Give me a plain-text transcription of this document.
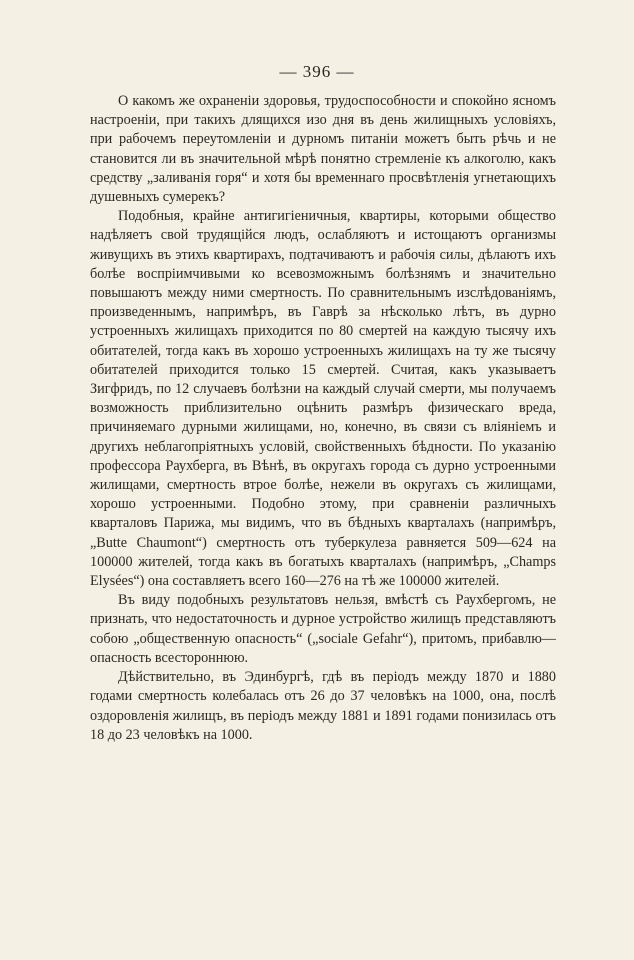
— 396 —

О какомъ же охраненіи здоровья, трудоспособности и спокойно ясномъ настроеніи, при такихъ длящихся изо дня въ день жилищныхъ условіяхъ, при рабочемъ переутомленіи и дурномъ питаніи можетъ быть рѣчь и не становится ли въ значительной мѣрѣ понятно стремленіе къ алкоголю, какъ средству „заливанія горя“ и хотя бы временнаго просвѣтленія угнетающихъ душевныхъ сумерекъ?

Подобныя, крайне антигигіеничныя, квартиры, которыми общество надѣляетъ свой трудящійся людъ, ослабляютъ и истощаютъ организмы живущихъ въ этихъ квартирахъ, подтачиваютъ и рабочія силы, дѣлаютъ ихъ болѣе воспріимчивыми ко всевозможнымъ болѣзнямъ и значительно повышаютъ между ними смертность. По сравнительнымъ изслѣдованіямъ, произведеннымъ, напримѣръ, въ Гаврѣ за нѣсколько лѣтъ, въ дурно устроенныхъ жилищахъ приходится по 80 смертей на каждую тысячу ихъ обитателей, тогда какъ въ хорошо устроенныхъ жилищахъ на ту же тысячу обитателей приходится только 15 смертей. Считая, какъ указываетъ Зигфридъ, по 12 случаевъ болѣзни на каждый случай смерти, мы получаемъ возможность приблизительно оцѣнить размѣръ физическаго вреда, причиняемаго дурными жилищами, но, конечно, въ связи съ вліяніемъ и другихъ неблагопріятныхъ условій, свойственныхъ бѣдности. По указанію профессора Раухберга, въ Вѣнѣ, въ округахъ города съ дурно устроенными жилищами, смертность втрое болѣе, нежели въ округахъ съ жилищами, хорошо устроенными. Подобно этому, при сравненіи различныхъ кварталовъ Парижа, мы видимъ, что въ бѣдныхъ кварталахъ (напримѣръ, „Butte Chaumont“) смертность отъ туберкулеза равняется 509—624 на 100000 жителей, тогда какъ въ богатыхъ кварталахъ (напримѣръ, „Champs Elysées“) она составляетъ всего 160—276 на тѣ же 100000 жителей.

Въ виду подобныхъ результатовъ нельзя, вмѣстѣ съ Раухбергомъ, не признать, что недостаточность и дурное устройство жилищъ представляютъ собою „общественную опасность“ („sociale Gefahr“), притомъ, прибавлю—опасность всестороннюю.

Дѣйствительно, въ Эдинбургѣ, гдѣ въ періодъ между 1870 и 1880 годами смертность колебалась отъ 26 до 37 человѣкъ на 1000, она, послѣ оздоровленія жилищъ, въ періодъ между 1881 и 1891 годами понизилась отъ 18 до 23 человѣкъ на 1000.
